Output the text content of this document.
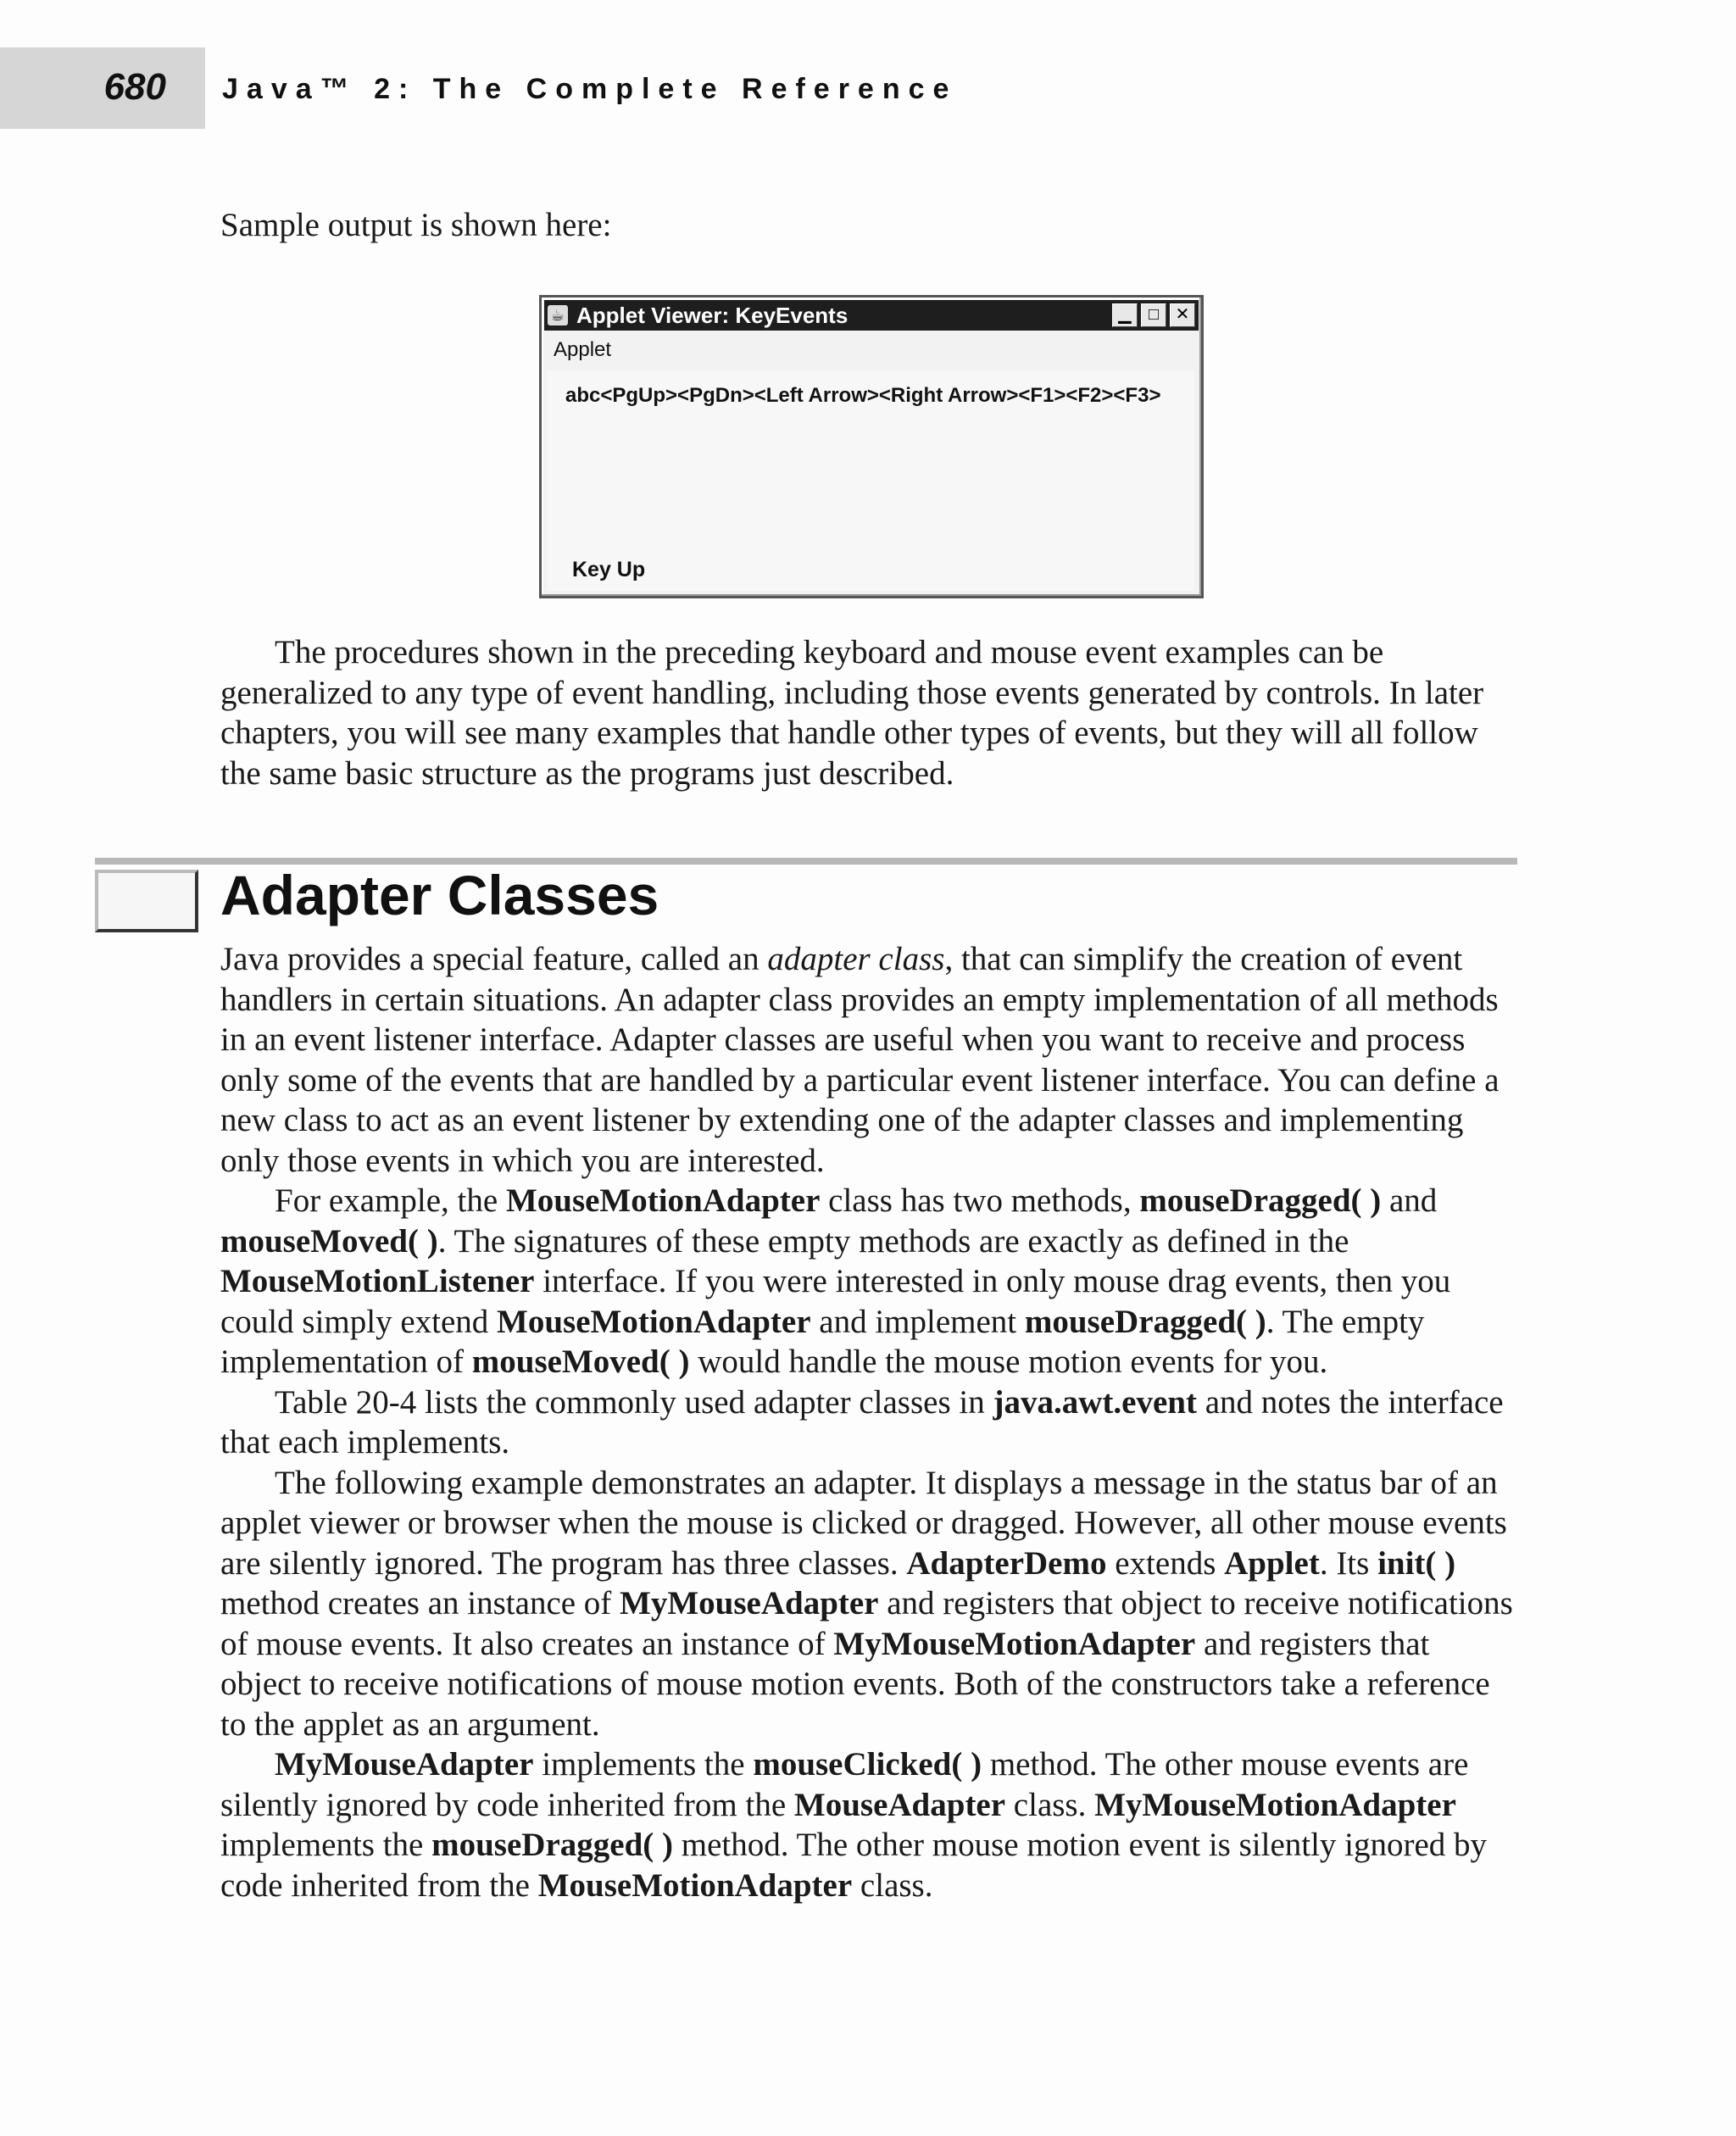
680 Java™ 2: The Complete Reference

Sample output is shown here:

☕ Applet Viewer: KeyEvents	▁	□ ✕
Applet
abc<PgUp><PgDn><Left Arrow><Right Arrow><F1><F2><F3>
Key Up

The procedures shown in the preceding keyboard and mouse event examples can be generalized to any type of event handling, including those events generated by controls. In later chapters, you will see many examples that handle other types of events, but they will all follow the same basic structure as the programs just described.

Adapter Classes

Java provides a special feature, called an adapter class, that can simplify the creation of event handlers in certain situations. An adapter class provides an empty implementation of all methods in an event listener interface. Adapter classes are useful when you want to receive and process only some of the events that are handled by a particular event listener interface. You can define a new class to act as an event listener by extending one of the adapter classes and implementing only those events in which you are interested.

For example, the MouseMotionAdapter class has two methods, mouseDragged( ) and mouseMoved( ). The signatures of these empty methods are exactly as defined in the MouseMotionListener interface. If you were interested in only mouse drag events, then you could simply extend MouseMotionAdapter and implement mouseDragged( ). The empty implementation of mouseMoved( ) would handle the mouse motion events for you.

Table 20-4 lists the commonly used adapter classes in java.awt.event and notes the interface that each implements.

The following example demonstrates an adapter. It displays a message in the status bar of an applet viewer or browser when the mouse is clicked or dragged. However, all other mouse events are silently ignored. The program has three classes. AdapterDemo extends Applet. Its init( ) method creates an instance of MyMouseAdapter and registers that object to receive notifications of mouse events. It also creates an instance of MyMouseMotionAdapter and registers that object to receive notifications of mouse motion events. Both of the constructors take a reference to the applet as an argument.

MyMouseAdapter implements the mouseClicked( ) method. The other mouse events are silently ignored by code inherited from the MouseAdapter class. MyMouseMotionAdapter implements the mouseDragged( ) method. The other mouse motion event is silently ignored by code inherited from the MouseMotionAdapter class.
